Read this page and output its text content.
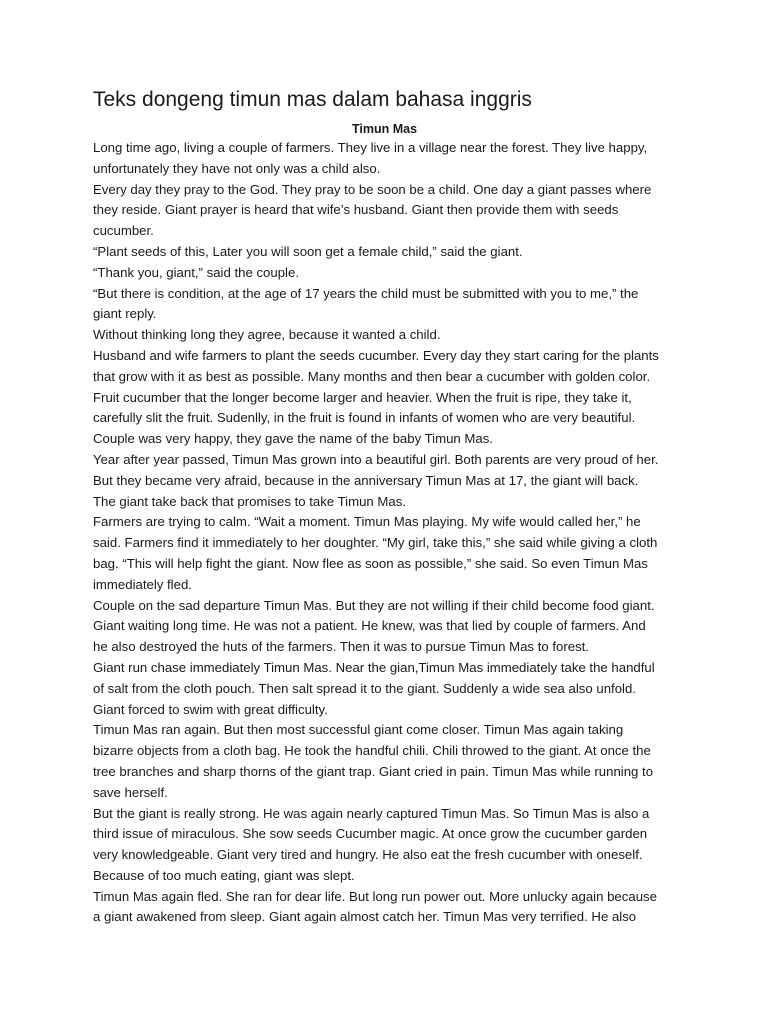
Teks dongeng timun mas dalam bahasa inggris
Timun Mas
Long time ago, living a couple of farmers. They live in a village near the forest. They live happy,
unfortunately they have not only was a child also.
Every day they pray to the God. They pray to be soon be a child. One day a giant passes where
they reside. Giant prayer is heard that wife’s husband. Giant then provide them with seeds
cucumber.
“Plant seeds of this, Later you will soon get a female child,” said the giant.
“Thank you, giant,” said the couple.
“But there is condition, at the age of 17 years the child must be submitted with you to me,” the
giant reply.
Without thinking long they agree, because it wanted a child.
Husband and wife farmers to plant the seeds cucumber. Every day they start caring for the plants
that grow with it as best as possible. Many months and then bear a cucumber with golden color.
Fruit cucumber that the longer become larger and heavier. When the fruit is ripe, they take it,
carefully slit the fruit. Sudenlly, in the fruit is found in infants of women who are very beautiful.
Couple was very happy, they gave the name of the baby Timun Mas.
Year after year passed, Timun Mas grown into a beautiful girl. Both parents are very proud of her.
But they became very afraid, because in the anniversary Timun Mas at 17, the giant will back.
The giant take back that promises to take Timun Mas.
Farmers are trying to calm. “Wait a moment. Timun Mas playing. My wife would called her,” he
said. Farmers find it immediately to her doughter. “My girl, take this,” she said while giving a cloth
bag. “This will help fight the giant. Now flee as soon as possible,” she said. So even Timun Mas
immediately fled.
Couple on the sad departure Timun Mas. But they are not willing if their child become food giant.
Giant waiting long time. He was not a patient. He knew, was that lied by couple of farmers. And
he also destroyed the huts of the farmers. Then it was to pursue Timun Mas to forest.
Giant run chase immediately Timun Mas. Near the gian,Timun Mas immediately take the handful
of salt from the cloth pouch. Then salt spread it to the giant. Suddenly a wide sea also unfold.
Giant forced to swim with great difficulty.
Timun Mas ran again. But then most successful giant come closer. Timun Mas again taking
bizarre objects from a cloth bag. He took the handful chili. Chili throwed to the giant. At once the
tree branches and sharp thorns of the giant trap. Giant cried in pain. Timun Mas while running to
save herself.
But the giant is really strong. He was again nearly captured Timun Mas. So Timun Mas is also a
third issue of miraculous. She sow seeds Cucumber magic. At once grow the cucumber garden
very knowledgeable. Giant very tired and hungry. He also eat the fresh cucumber with oneself.
Because of too much eating, giant was slept.
Timun Mas again fled. She ran for dear life. But long run power out. More unlucky again because
a giant awakened from sleep. Giant again almost catch her. Timun Mas very terrified. He also
